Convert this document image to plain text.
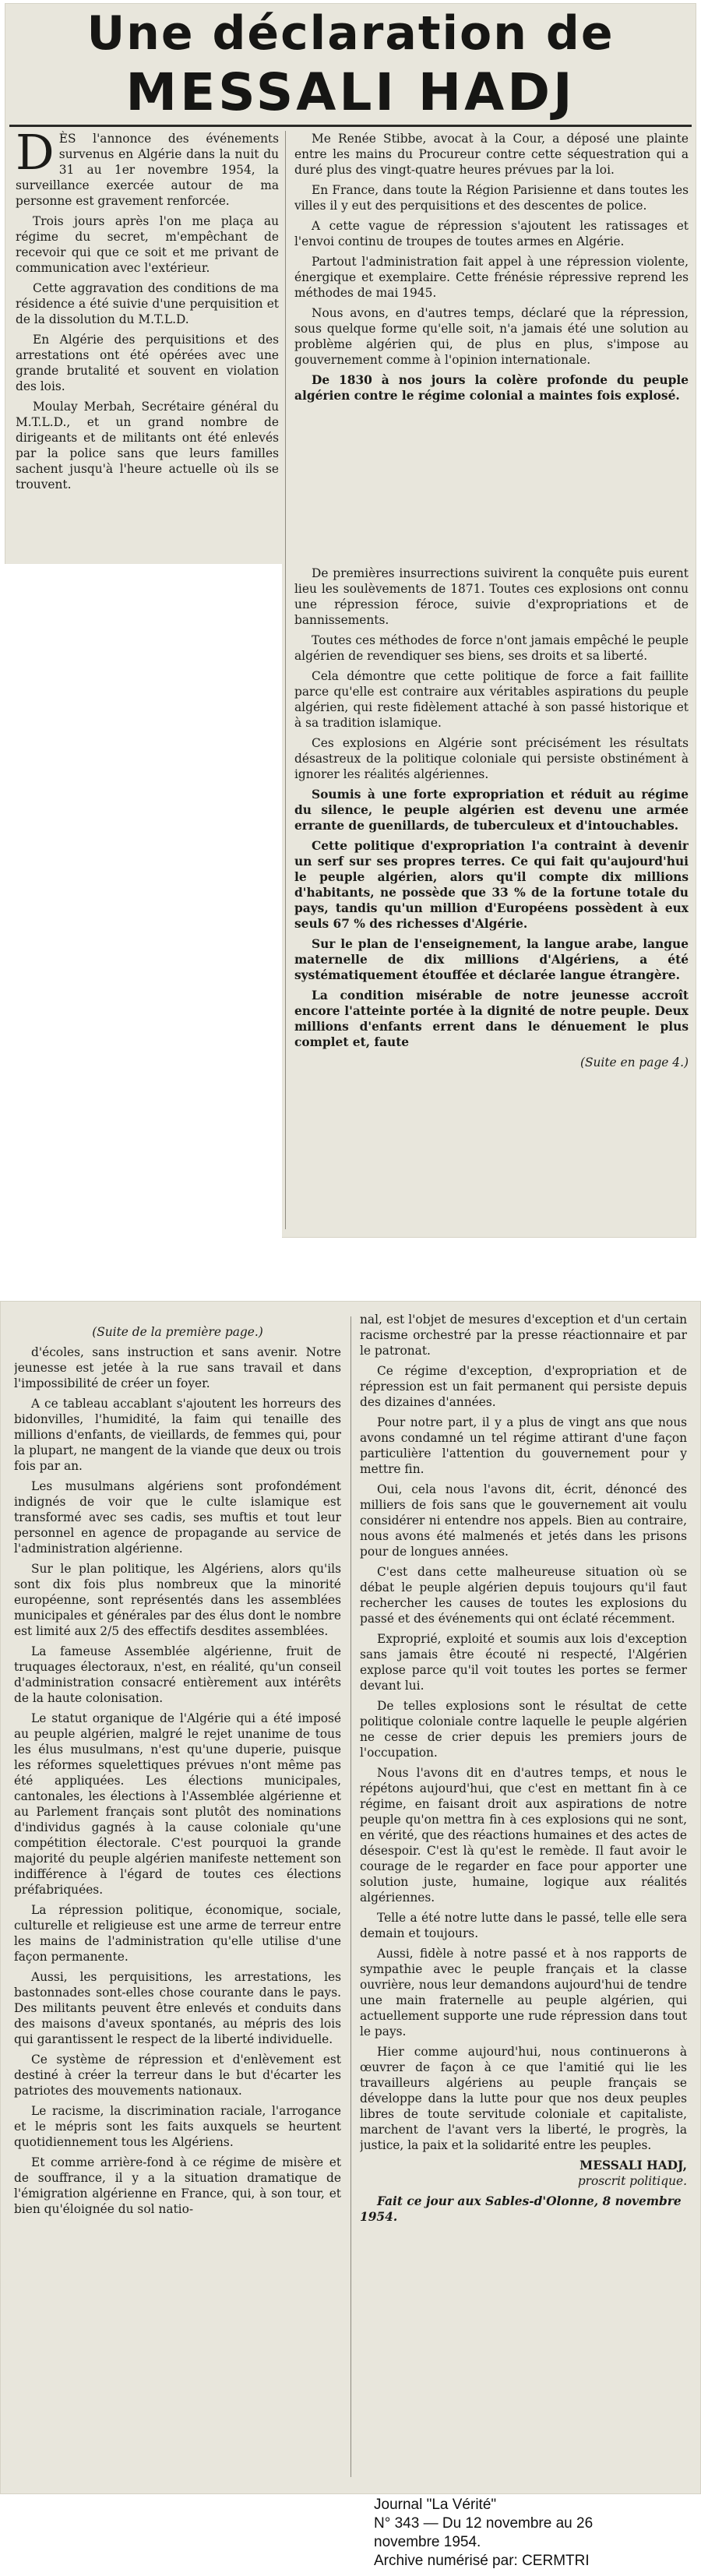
Une déclaration de
MESSALI HADJ

D ÈS l'annonce des événements survenus en Algérie dans la nuit du 31 au 1er novembre 1954, la surveillance exercée autour de ma personne est gravement renforcée.

Trois jours après l'on me plaça au régime du secret, m'empêchant de recevoir qui que ce soit et me privant de communication avec l'extérieur.

Cette aggravation des conditions de ma résidence a été suivie d'une perquisition et de la dissolution du M.T.L.D.

En Algérie des perquisitions et des arrestations ont été opérées avec une grande brutalité et souvent en violation des lois.

Moulay Merbah, Secrétaire général du M.T.L.D., et un grand nombre de dirigeants et de militants ont été enlevés par la police sans que leurs familles sachent jusqu'à l'heure actuelle où ils se trouvent.

Me Renée Stibbe, avocat à la Cour, a déposé une plainte entre les mains du Procureur contre cette séquestration qui a duré plus des vingt-quatre heures prévues par la loi.

En France, dans toute la Région Parisienne et dans toutes les villes il y eut des perquisitions et des descentes de police.

A cette vague de répression s'ajoutent les ratissages et l'envoi continu de troupes de toutes armes en Algérie.

Partout l'administration fait appel à une répression violente, énergique et exemplaire. Cette frénésie répressive reprend les méthodes de mai 1945.

Nous avons, en d'autres temps, déclaré que la répression, sous quelque forme qu'elle soit, n'a jamais été une solution au problème algérien qui, de plus en plus, s'impose au gouvernement comme à l'opinion internationale.

De 1830 à nos jours la colère profonde du peuple algérien contre le régime colonial a maintes fois explosé.

De premières insurrections suivirent la conquête puis eurent lieu les soulèvements de 1871. Toutes ces explosions ont connu une répression féroce, suivie d'expropriations et de bannissements.

Toutes ces méthodes de force n'ont jamais empêché le peuple algérien de revendiquer ses biens, ses droits et sa liberté.

Cela démontre que cette politique de force a fait faillite parce qu'elle est contraire aux véritables aspirations du peuple algérien, qui reste fidèlement attaché à son passé historique et à sa tradition islamique.

Ces explosions en Algérie sont précisément les résultats désastreux de la politique coloniale qui persiste obstinément à ignorer les réalités algériennes.

Soumis à une forte expropriation et réduit au régime du silence, le peuple algérien est devenu une armée errante de guenillards, de tuberculeux et d'intouchables.

Cette politique d'expropriation l'a contraint à devenir un serf sur ses propres terres. Ce qui fait qu'aujourd'hui le peuple algérien, alors qu'il compte dix millions d'habitants, ne possède que 33 % de la fortune totale du pays, tandis qu'un million d'Européens possèdent à eux seuls 67 % des richesses d'Algérie.

Sur le plan de l'enseignement, la langue arabe, langue maternelle de dix millions d'Algériens, a été systématiquement étouffée et déclarée langue étrangère.

La condition misérable de notre jeunesse accroît encore l'atteinte portée à la dignité de notre peuple. Deux millions d'enfants errent dans le dénuement le plus complet et, faute

(Suite en page 4.)

(Suite de la première page.)

d'écoles, sans instruction et sans avenir. Notre jeunesse est jetée à la rue sans travail et dans l'impossibilité de créer un foyer.

A ce tableau accablant s'ajoutent les horreurs des bidonvilles, l'humidité, la faim qui tenaille des millions d'enfants, de vieillards, de femmes qui, pour la plupart, ne mangent de la viande que deux ou trois fois par an.

Les musulmans algériens sont profondément indignés de voir que le culte islamique est transformé avec ses cadis, ses muftis et tout leur personnel en agence de propagande au service de l'administration algérienne.

Sur le plan politique, les Algériens, alors qu'ils sont dix fois plus nombreux que la minorité européenne, sont représentés dans les assemblées municipales et générales par des élus dont le nombre est limité aux 2/5 des effectifs desdites assemblées.

La fameuse Assemblée algérienne, fruit de truquages électoraux, n'est, en réalité, qu'un conseil d'administration consacré entièrement aux intérêts de la haute colonisation.

Le statut organique de l'Algérie qui a été imposé au peuple algérien, malgré le rejet unanime de tous les élus musulmans, n'est qu'une duperie, puisque les réformes squelettiques prévues n'ont même pas été appliquées. Les élections municipales, cantonales, les élections à l'Assemblée algérienne et au Parlement français sont plutôt des nominations d'individus gagnés à la cause coloniale qu'une compétition électorale. C'est pourquoi la grande majorité du peuple algérien manifeste nettement son indifférence à l'égard de toutes ces élections préfabriquées.

La répression politique, économique, sociale, culturelle et religieuse est une arme de terreur entre les mains de l'administration qu'elle utilise d'une façon permanente.

Aussi, les perquisitions, les arrestations, les bastonnades sont-elles chose courante dans le pays. Des militants peuvent être enlevés et conduits dans des maisons d'aveux spontanés, au mépris des lois qui garantissent le respect de la liberté individuelle.

Ce système de répression et d'enlèvement est destiné à créer la terreur dans le but d'écarter les patriotes des mouvements nationaux.

Le racisme, la discrimination raciale, l'arrogance et le mépris sont les faits auxquels se heurtent quotidiennement tous les Algériens.

Et comme arrière-fond à ce régime de misère et de souffrance, il y a la situation dramatique de l'émigration algérienne en France, qui, à son tour, et bien qu'éloignée du sol natio-

nal, est l'objet de mesures d'exception et d'un certain racisme orchestré par la presse réactionnaire et par le patronat.

Ce régime d'exception, d'expropriation et de répression est un fait permanent qui persiste depuis des dizaines d'années.

Pour notre part, il y a plus de vingt ans que nous avons condamné un tel régime attirant d'une façon particulière l'attention du gouvernement pour y mettre fin.

Oui, cela nous l'avons dit, écrit, dénoncé des milliers de fois sans que le gouvernement ait voulu considérer ni entendre nos appels. Bien au contraire, nous avons été malmenés et jetés dans les prisons pour de longues années.

C'est dans cette malheureuse situation où se débat le peuple algérien depuis toujours qu'il faut rechercher les causes de toutes les explosions du passé et des événements qui ont éclaté récemment.

Exproprié, exploité et soumis aux lois d'exception sans jamais être écouté ni respecté, l'Algérien explose parce qu'il voit toutes les portes se fermer devant lui.

De telles explosions sont le résultat de cette politique coloniale contre laquelle le peuple algérien ne cesse de crier depuis les premiers jours de l'occupation.

Nous l'avons dit en d'autres temps, et nous le répétons aujourd'hui, que c'est en mettant fin à ce régime, en faisant droit aux aspirations de notre peuple qu'on mettra fin à ces explosions qui ne sont, en vérité, que des réactions humaines et des actes de désespoir. C'est là qu'est le remède. Il faut avoir le courage de le regarder en face pour apporter une solution juste, humaine, logique aux réalités algériennes.

Telle a été notre lutte dans le passé, telle elle sera demain et toujours.

Aussi, fidèle à notre passé et à nos rapports de sympathie avec le peuple français et la classe ouvrière, nous leur demandons aujourd'hui de tendre une main fraternelle au peuple algérien, qui actuellement supporte une rude répression dans tout le pays.

Hier comme aujourd'hui, nous continuerons à œuvrer de façon à ce que l'amitié qui lie les travailleurs algériens au peuple français se développe dans la lutte pour que nos deux peuples libres de toute servitude coloniale et capitaliste, marchent de l'avant vers la liberté, le progrès, la justice, la paix et la solidarité entre les peuples.

MESSALI HADJ,

proscrit politique.

Fait ce jour aux Sables-d'Olonne, 8 novembre 1954.

Journal "La Vérité"
N° 343 — Du 12 novembre au 26 novembre 1954.
Archive numérisé par: CERMTRI
